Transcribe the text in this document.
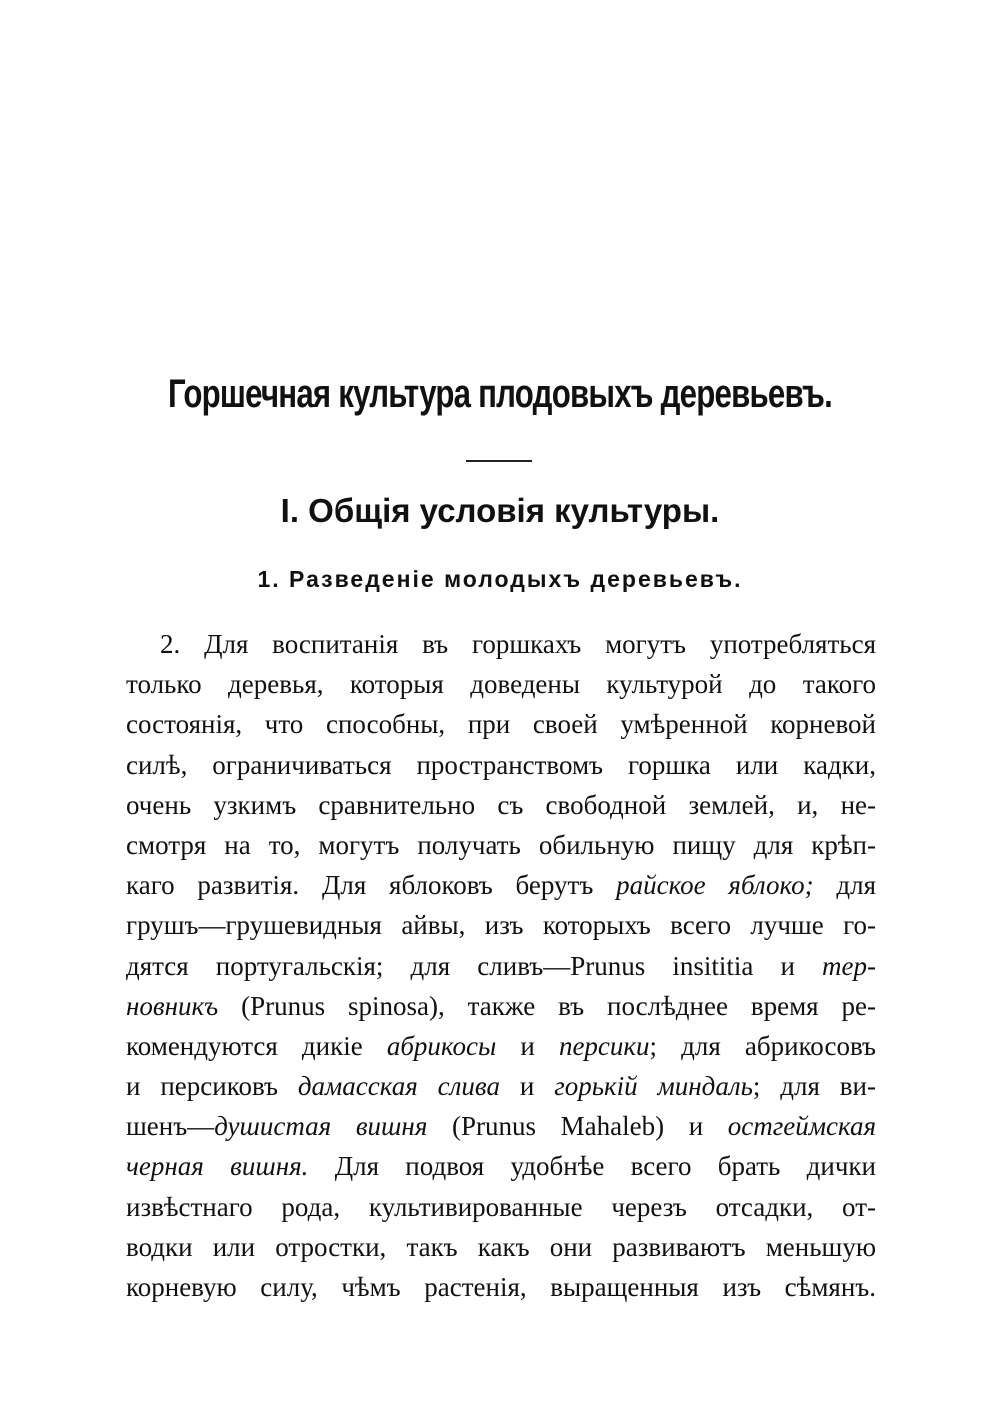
Горшечная культура плодовыхъ деревьевъ.
I. Общія условія культуры.
1. Разведеніе молодыхъ деревьевъ.
2. Для воспитанія въ горшкахъ могутъ употребляться
только деревья, которыя доведены культурой до такого
состоянія, что способны, при своей умѣренной корневой
силѣ, ограничиваться пространствомъ горшка или кадки,
очень узкимъ сравнительно съ свободной землей, и, не-
смотря на то, могутъ получать обильную пищу для крѣп-
каго развитія. Для яблоковъ берутъ райское яблоко; для
грушъ—грушевидныя айвы, изъ которыхъ всего лучше го-
дятся португальскія; для сливъ—Prunus insititia и тер-
новникъ (Prunus spinosa), также въ послѣднее время ре-
комендуются дикіе абрикосы и персики; для абрикосовъ
и персиковъ дамасская слива и горькій миндаль; для ви-
шенъ—душистая вишня (Prunus Mahaleb) и остгеймская
черная вишня. Для подвоя удобнѣе всего брать дички
извѣстнаго рода, культивированные черезъ отсадки, от-
водки или отростки, такъ какъ они развиваютъ меньшую
корневую силу, чѣмъ растенія, выращенныя изъ сѣмянъ.
